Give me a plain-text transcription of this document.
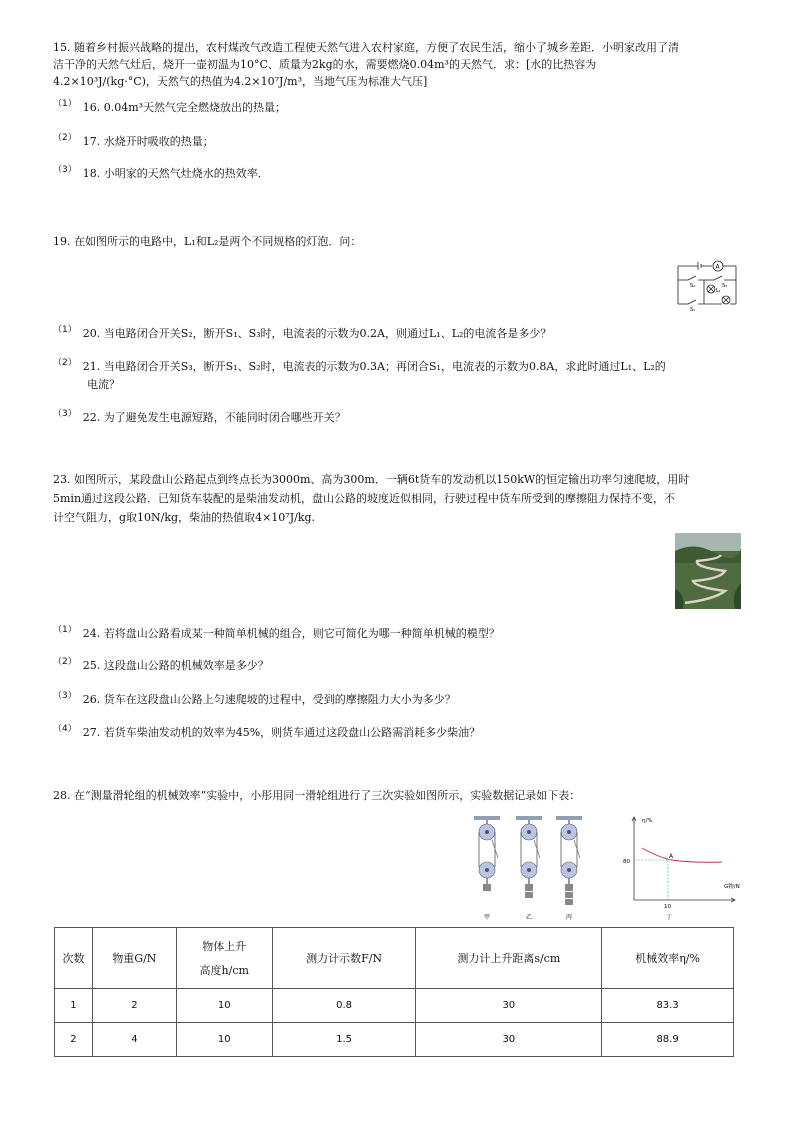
15. 随着乡村振兴战略的提出，农村煤改气改造工程使天然气进入农村家庭，方便了农民生活，缩小了城乡差距．小明家改用了清
洁干净的天然气灶后，烧开一壶初温为10°C、质量为2kg的水，需要燃烧0.04m³的天然气．求：[水的比热容为
4.2×10³J/(kg·°C)，天然气的热值为4.2×10⁷J/m³，当地气压为标准大气压]
$^{(1)}$ 16. 0.04m³天然气完全燃烧放出的热量；
$^{(2)}$ 17. 水烧开时吸收的热量；
$^{(3)}$ 18. 小明家的天然气灶烧水的热效率．
19. 在如图所示的电路中，L₁和L₂是两个不同规格的灯泡．问：
A
S₂	S₃
L₁
S₁
$^{(1)}$ 20. 当电路闭合开关S₂，断开S₁、S₃时，电流表的示数为0.2A，则通过L₁、L₂的电流各是多少？
$^{(2)}$ 21. 当电路闭合开关S₃，断开S₁、S₂时，电流表的示数为0.3A；再闭合S₁，电流表的示数为0.8A，求此时通过L₁、L₂的
电流？
$^{(3)}$ 22. 为了避免发生电源短路，不能同时闭合哪些开关？
23. 如图所示，某段盘山公路起点到终点长为3000m、高为300m．一辆6t货车的发动机以150kW的恒定输出功率匀速爬坡，用时
5min通过这段公路．已知货车装配的是柴油发动机，盘山公路的坡度近似相同，行驶过程中货车所受到的摩擦阻力保持不变，不
计空气阻力，g取10N/kg，柴油的热值取4×10⁷J/kg.
$^{(1)}$ 24. 若将盘山公路看成某一种简单机械的组合，则它可简化为哪一种简单机械的模型？
$^{(2)}$ 25. 这段盘山公路的机械效率是多少？
$^{(3)}$ 26. 货车在这段盘山公路上匀速爬坡的过程中，受到的摩擦阻力大小为多少？
$^{(4)}$ 27. 若货车柴油发动机的效率为45%，则货车通过这段盘山公路需消耗多少柴油？
28. 在“测量滑轮组的机械效率”实验中，小彤用同一滑轮组进行了三次实验如图所示，实验数据记录如下表：
甲	乙	丙
η/%
G物/N
80
10
A
丁
次数	物重G/N	物体上升
高度h/cm	测力计示数F/N	测力计上升距离s/cm	机械效率η/%
1	2	10	0.8	30	83.3
2	4	10	1.5	30	88.9
